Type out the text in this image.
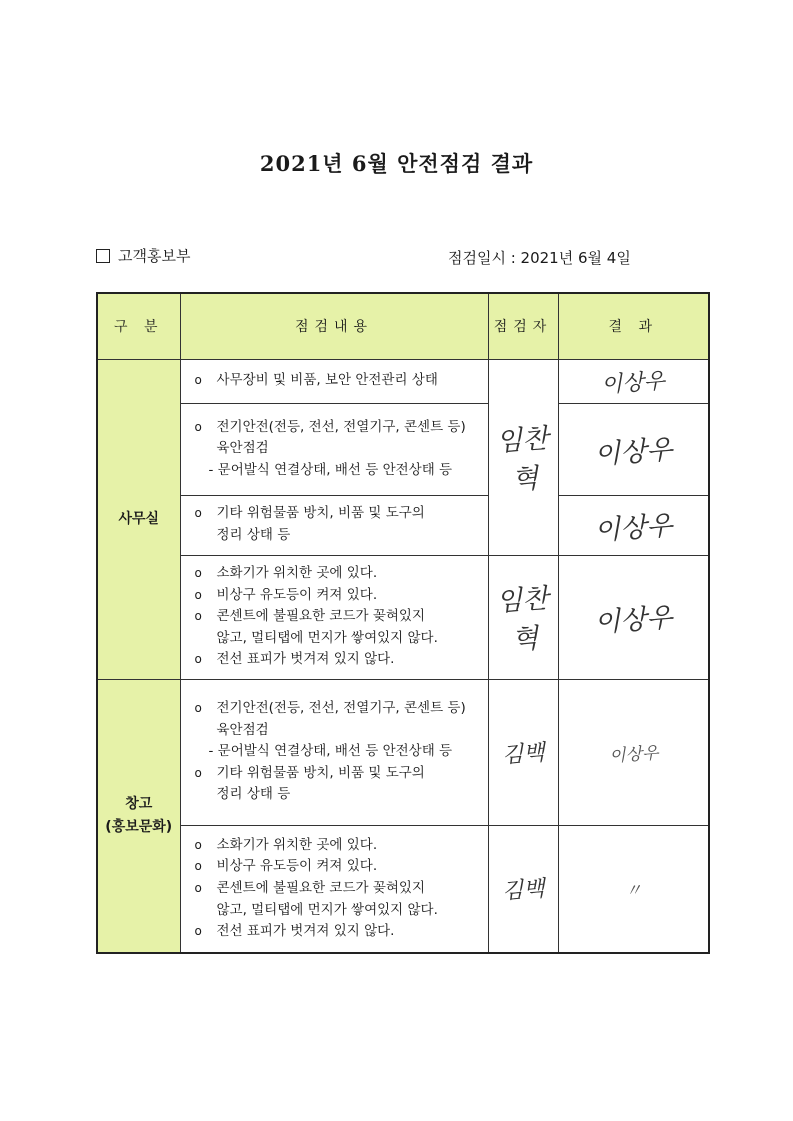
2021년 6월 안전점검 결과
고객홍보부	점검일시 : 2021년 6월 4일
구 분	점검내용	점검자	결 과
사무실	o 사무장비 및 비품, 보안 안전관리 상태	임찬혁	이상우

	o 전기안전(전등, 전선, 전열기구, 콘센트 등)
육안점검
- 문어발식 연결상태, 배선 등 안전상태 등		이상우

	o 기타 위험물품 방치, 비품 및 도구의
정리 상태 등		이상우

	o 소화기가 위치한 곳에 있다.
o 비상구 유도등이 켜져 있다.
o 콘센트에 불필요한 코드가 꽂혀있지
않고, 멀티탭에 먼지가 쌓여있지 않다.
o 전선 표피가 벗겨져 있지 않다.	임찬혁	이상우
창고
(홍보문화)	o 전기안전(전등, 전선, 전열기구, 콘센트 등)
육안점검
- 문어발식 연결상태, 배선 등 안전상태 등
o 기타 위험물품 방치, 비품 및 도구의
정리 상태 등	김백	이상우

	o 소화기가 위치한 곳에 있다.
o 비상구 유도등이 켜져 있다.
o 콘센트에 불필요한 코드가 꽂혀있지
않고, 멀티탭에 먼지가 쌓여있지 않다.
o 전선 표피가 벗겨져 있지 않다.	김백	〃
